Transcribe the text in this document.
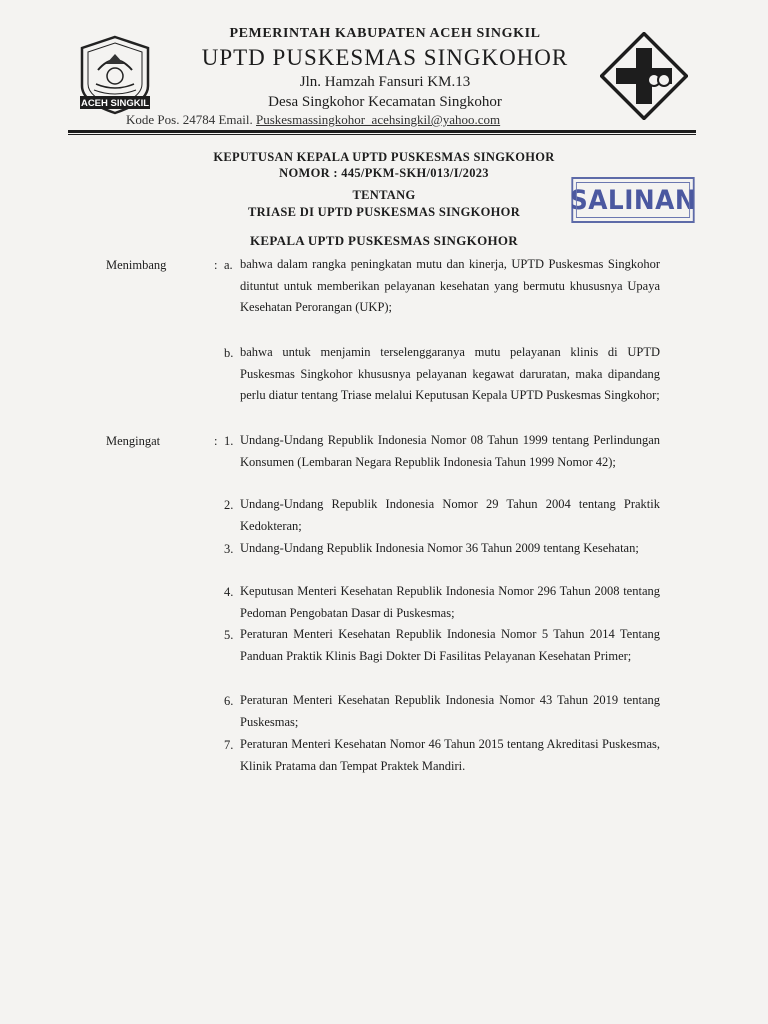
ACEH SINGKIL
PEMERINTAH KABUPATEN ACEH SINGKIL
UPTD PUSKESMAS SINGKOHOR
Jln. Hamzah Fansuri KM.13
Desa Singkohor Kecamatan Singkohor
Kode Pos. 24784 Email. Puskesmassingkohor_acehsingkil@yahoo.com
KEPUTUSAN KEPALA UPTD PUSKESMAS SINGKOHOR
NOMOR : 445/PKM-SKH/013/I/2023
TENTANG
TRIASE DI UPTD PUSKESMAS SINGKOHOR
KEPALA UPTD PUSKESMAS SINGKOHOR
SALINAN
Menimbang	: a. bahwa dalam rangka peningkatan mutu dan kinerja, UPTD Puskesmas Singkohor dituntut untuk memberikan pelayanan kesehatan yang bermutu khususnya Upaya Kesehatan Perorangan (UKP);
b. bahwa untuk menjamin terselenggaranya mutu pelayanan klinis di UPTD Puskesmas Singkohor khususnya pelayanan kegawat daruratan, maka dipandang perlu diatur tentang Triase melalui Keputusan Kepala UPTD Puskesmas Singkohor;
Mengingat	: 1. Undang-Undang Republik Indonesia Nomor 08 Tahun 1999 tentang Perlindungan Konsumen (Lembaran Negara Republik Indonesia Tahun 1999 Nomor 42);
2. Undang-Undang Republik Indonesia Nomor 29 Tahun 2004 tentang Praktik Kedokteran;
3. Undang-Undang Republik Indonesia Nomor 36 Tahun 2009 tentang Kesehatan;
4. Keputusan Menteri Kesehatan Republik Indonesia Nomor 296 Tahun 2008 tentang Pedoman Pengobatan Dasar di Puskesmas;
5. Peraturan Menteri Kesehatan Republik Indonesia Nomor 5 Tahun 2014 Tentang Panduan Praktik Klinis Bagi Dokter Di Fasilitas Pelayanan Kesehatan Primer;
6. Peraturan Menteri Kesehatan Republik Indonesia Nomor 43 Tahun 2019 tentang Puskesmas;
7. Peraturan Menteri Kesehatan Nomor 46 Tahun 2015 tentang Akreditasi Puskesmas, Klinik Pratama dan Tempat Praktek Mandiri.
